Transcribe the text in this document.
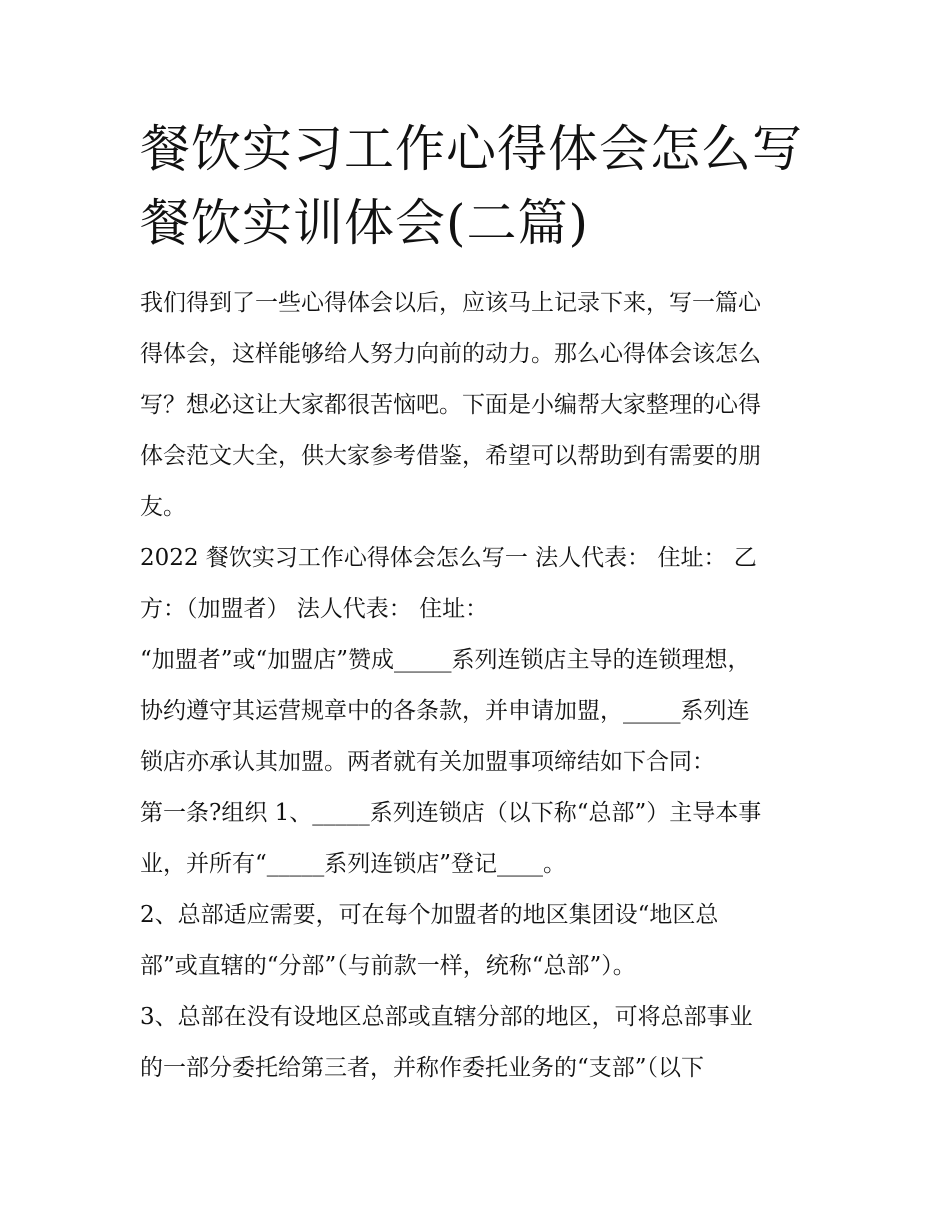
餐饮实习工作心得体会怎么写
餐饮实训体会(二篇)

我们得到了一些心得体会以后，应该马上记录下来，写一篇心
得体会，这样能够给人努力向前的动力。那么心得体会该怎么
写？想必这让大家都很苦恼吧。下面是小编帮大家整理的心得
体会范文大全，供大家参考借鉴，希望可以帮助到有需要的朋
友。

2022 餐饮实习工作心得体会怎么写一 法人代表： 住址： 乙
方：（加盟者） 法人代表： 住址：

“加盟者”或“加盟店”赞成_____系列连锁店主导的连锁理想，
协约遵守其运营规章中的各条款，并申请加盟，_____系列连
锁店亦承认其加盟。两者就有关加盟事项缔结如下合同：

第一条?组织 1、_____系列连锁店（以下称“总部”）主导本事
业，并所有“_____系列连锁店”登记____。

2、总部适应需要，可在每个加盟者的地区集团设“地区总
部”或直辖的“分部”（与前款一样，统称“总部”）。

3、总部在没有设地区总部或直辖分部的地区，可将总部事业
的一部分委托给第三者，并称作委托业务的“支部”（以下
